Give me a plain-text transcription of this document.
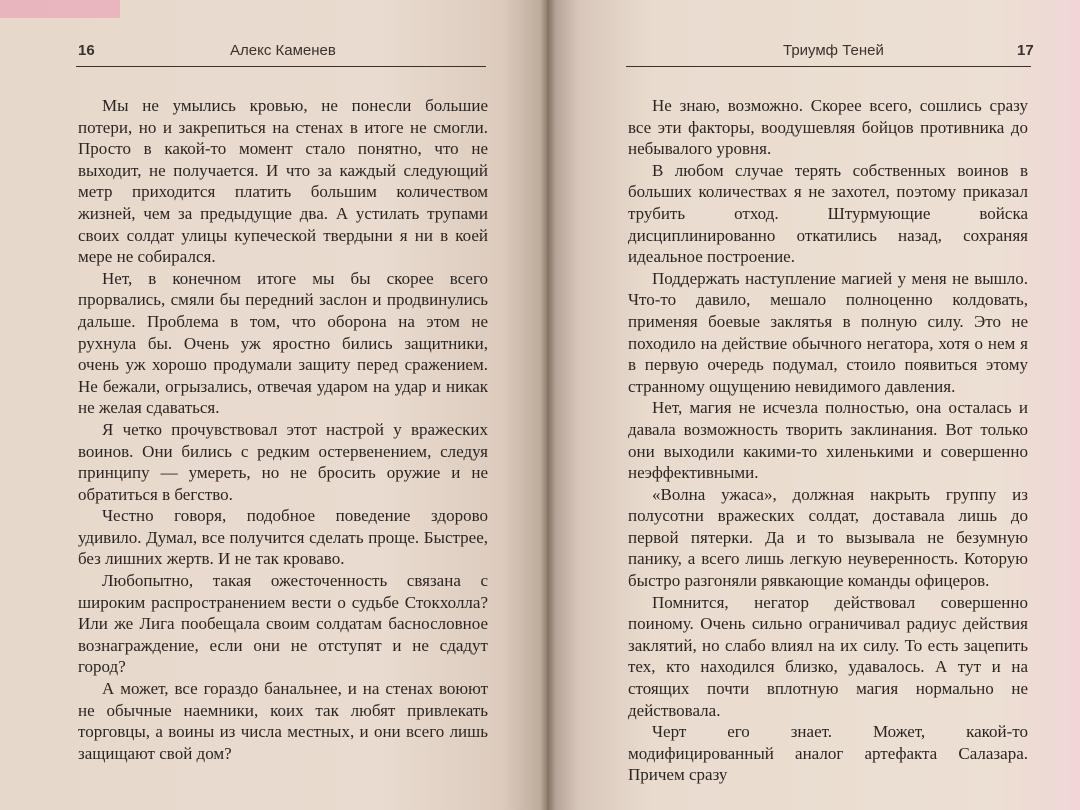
16	Алекс Каменев

Мы не умылись кровью, не понесли большие потери, но и закрепиться на стенах в итоге не смогли. Просто в какой-то момент стало понятно, что не выходит, не получается. И что за каждый следующий метр приходится платить большим количеством жизней, чем за предыдущие два. А устилать трупами своих солдат улицы купеческой твердыни я ни в коей мере не собирался.

Нет, в конечном итоге мы бы скорее всего прорвались, смяли бы передний заслон и продвинулись дальше. Проблема в том, что оборона на этом не рухнула бы. Очень уж яростно бились защитники, очень уж хорошо продумали защиту перед сражением. Не бежали, огрызались, отвечая ударом на удар и никак не желая сдаваться.

Я четко прочувствовал этот настрой у вражеских воинов. Они бились с редким остервенением, следуя принципу — умереть, но не бросить оружие и не обратиться в бегство.

Честно говоря, подобное поведение здорово удивило. Думал, все получится сделать проще. Быстрее, без лишних жертв. И не так кроваво.

Любопытно, такая ожесточенность связана с широким распространением вести о судьбе Стокхолла? Или же Лига пообещала своим солдатам баснословное вознаграждение, если они не отступят и не сдадут город?

А может, все гораздо банальнее, и на стенах воюют не обычные наемники, коих так любят привлекать торговцы, а воины из числа местных, и они всего лишь защищают свой дом?

Триумф Теней	17

Не знаю, возможно. Скорее всего, сошлись сразу все эти факторы, воодушевляя бойцов противника до небывалого уровня.

В любом случае терять собственных воинов в больших количествах я не захотел, поэтому приказал трубить отход. Штурмующие войска дисциплинированно откатились назад, сохраняя идеальное построение.

Поддержать наступление магией у меня не вышло. Что-то давило, мешало полноценно колдовать, применяя боевые заклятья в полную силу. Это не походило на действие обычного негатора, хотя о нем я в первую очередь подумал, стоило появиться этому странному ощущению невидимого давления.

Нет, магия не исчезла полностью, она осталась и давала возможность творить заклинания. Вот только они выходили какими-то хиленькими и совершенно неэффективными.

«Волна ужаса», должная накрыть группу из полусотни вражеских солдат, доставала лишь до первой пятерки. Да и то вызывала не безумную панику, а всего лишь легкую неуверенность. Которую быстро разгоняли рявкающие команды офицеров.

Помнится, негатор действовал совершенно поиному. Очень сильно ограничивал радиус действия заклятий, но слабо влиял на их силу. То есть зацепить тех, кто находился близко, удавалось. А тут и на стоящих почти вплотную магия нормально не действовала.

Черт его знает. Может, какой-то модифицированный аналог артефакта Салазара. Причем сразу
